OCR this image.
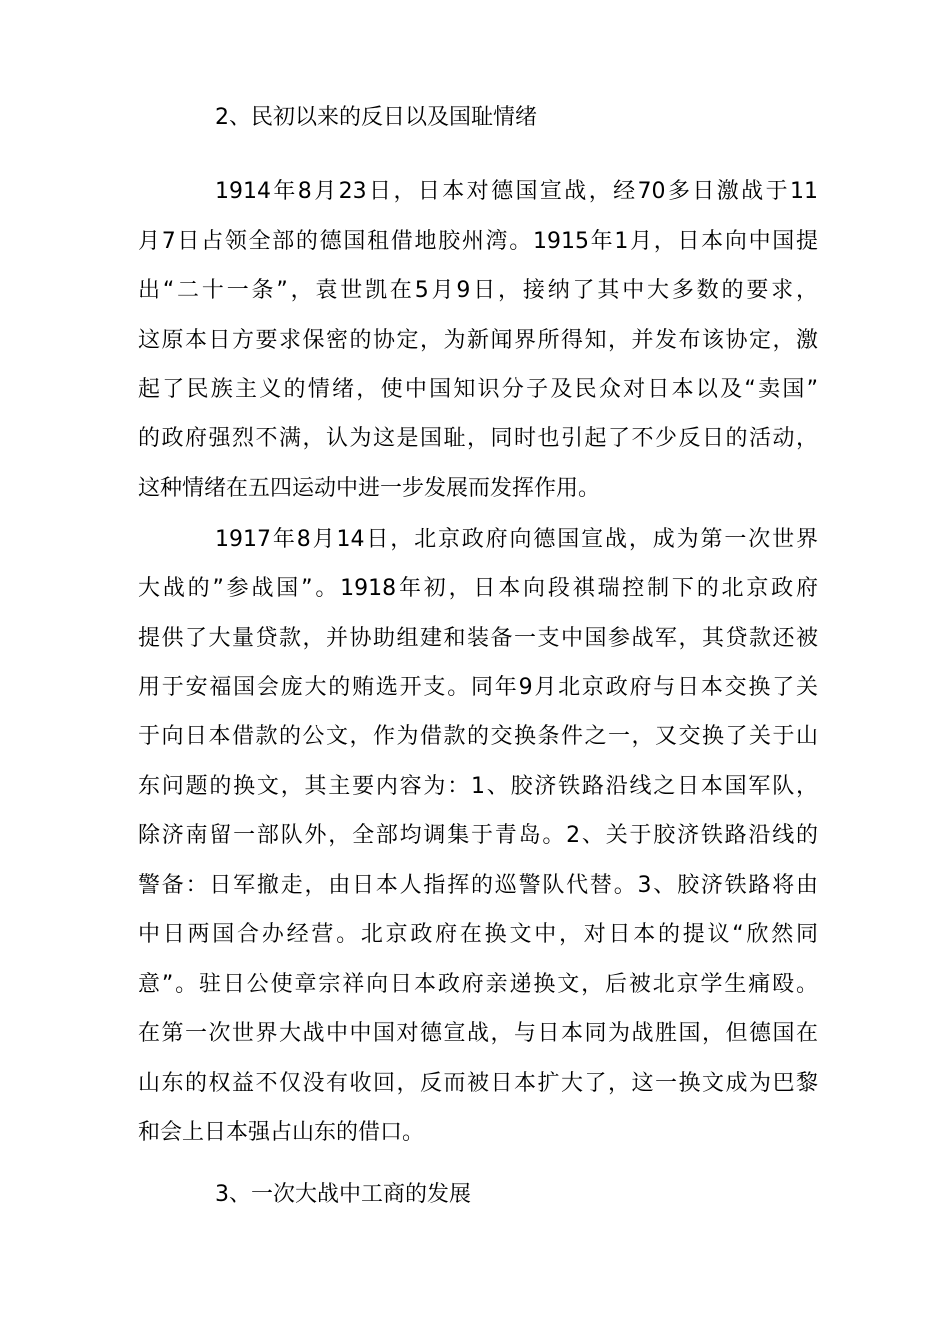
2、民初以来的反日以及国耻情绪
1914年8月23日，日本对德国宣战，经70多日激战于11
月7日占领全部的德国租借地胶州湾。1915年1月，日本向中国提
出“二十一条”，袁世凯在5月9日，接纳了其中大多数的要求，
这原本日方要求保密的协定，为新闻界所得知，并发布该协定，激
起了民族主义的情绪，使中国知识分子及民众对日本以及“卖国”
的政府强烈不满，认为这是国耻，同时也引起了不少反日的活动，
这种情绪在五四运动中进一步发展而发挥作用。
1917年8月14日，北京政府向德国宣战，成为第一次世界
大战的”参战国”。1918年初，日本向段祺瑞控制下的北京政府
提供了大量贷款，并协助组建和装备一支中国参战军，其贷款还被
用于安福国会庞大的贿选开支。同年9月北京政府与日本交换了关
于向日本借款的公文，作为借款的交换条件之一，又交换了关于山
东问题的换文，其主要内容为：1、胶济铁路沿线之日本国军队，
除济南留一部队外，全部均调集于青岛。2、关于胶济铁路沿线的
警备：日军撤走，由日本人指挥的巡警队代替。3、胶济铁路将由
中日两国合办经营。北京政府在换文中，对日本的提议“欣然同
意”。驻日公使章宗祥向日本政府亲递换文，后被北京学生痛殴。
在第一次世界大战中中国对德宣战，与日本同为战胜国，但德国在
山东的权益不仅没有收回，反而被日本扩大了，这一换文成为巴黎
和会上日本强占山东的借口。
3、一次大战中工商的发展
